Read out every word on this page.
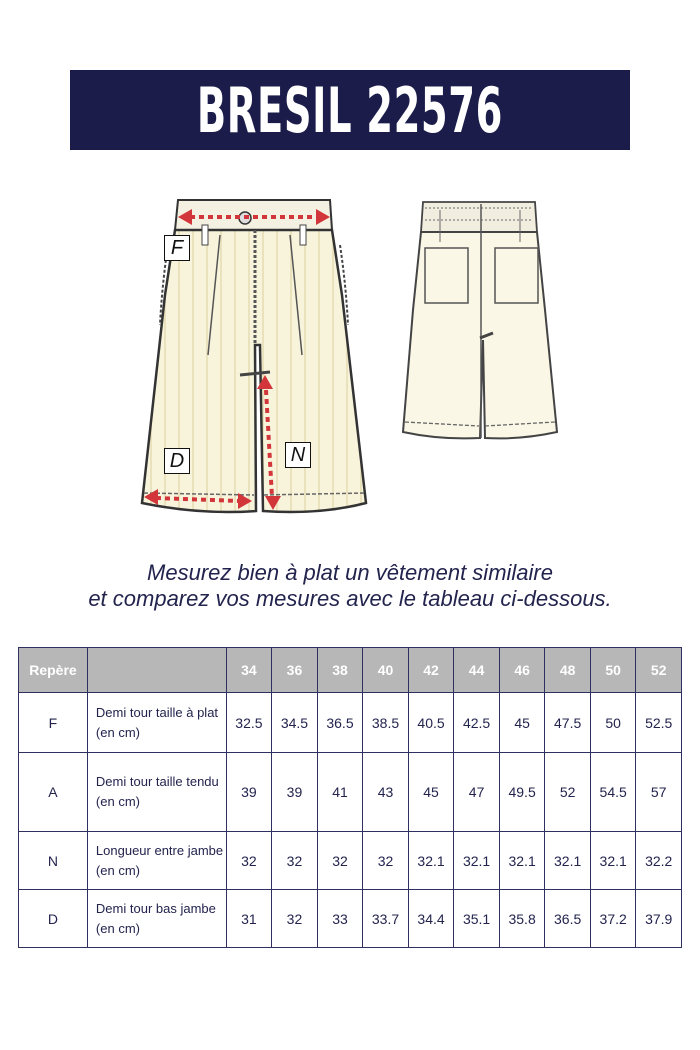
BRESIL 22576
F
D	N
Mesurez bien à plat un vêtement similaire
et comparez vos mesures avec le tableau ci-dessous.
Repère		34	36	38	40	42	44	46	48	50	52
F	Demi tour taille à plat (en cm)	32.5	34.5	36.5	38.5	40.5	42.5	45	47.5	50	52.5
A	Demi tour taille tendu (en cm)	39	39	41	43	45	47	49.5	52	54.5	57
N	Longueur entre jambe (en cm)	32	32	32	32	32.1	32.1	32.1	32.1	32.1	32.2
D	Demi tour bas jambe (en cm)	31	32	33	33.7	34.4	35.1	35.8	36.5	37.2	37.9
